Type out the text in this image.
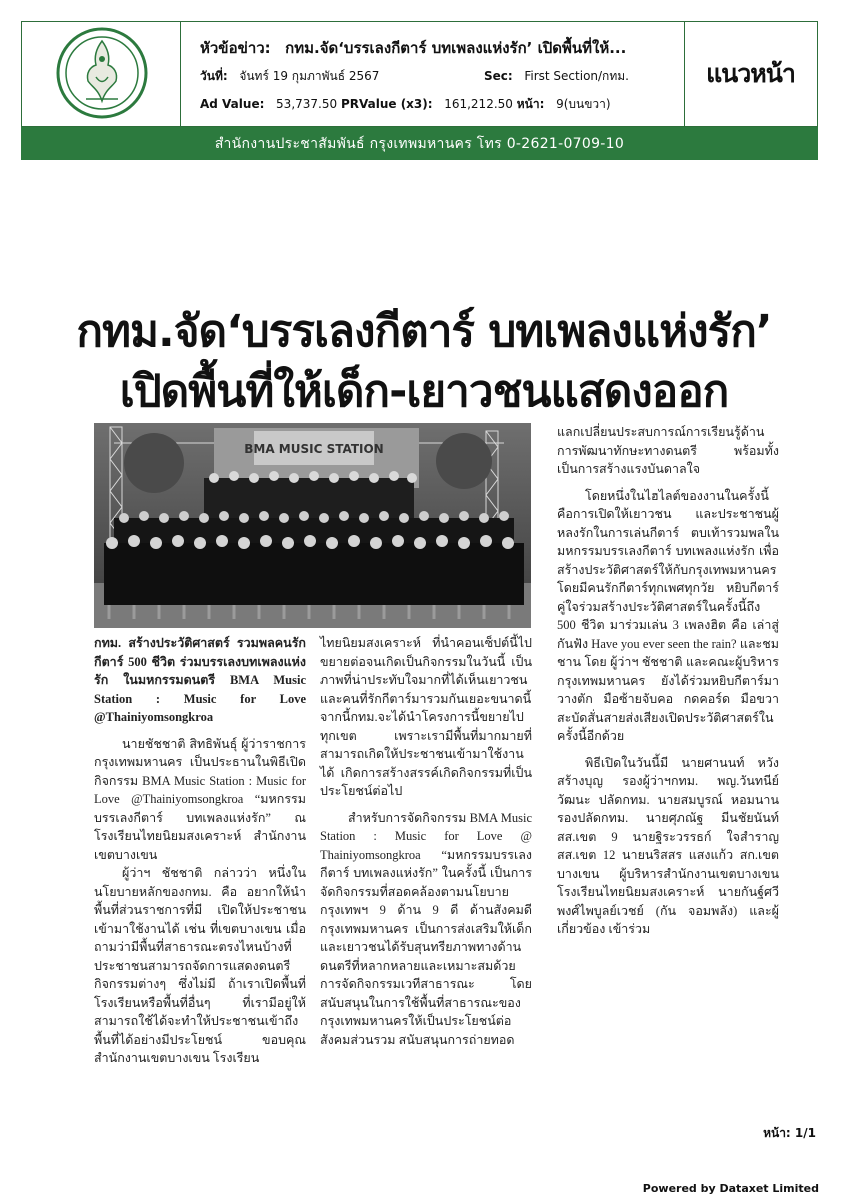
หัวข้อข่าว: กทม.จัด‘บรรเลงกีตาร์ บทเพลงแห่งรัก’ เปิดพื้นที่ให้...
วันที่: จันทร์ 19 กุมภาพันธ์ 2567	Sec: First Section/กทม.
Ad Value: 53,737.50 PRValue (x3): 161,212.50 หน้า: 9(บนขวา)
แนวหน้า
สำนักงานประชาสัมพันธ์ กรุงเทพมหานคร โทร 0-2621-0709-10
กทม.จัด‘บรรเลงกีตาร์ บทเพลงแห่งรัก’
เปิดพื้นที่ให้เด็ก-เยาวชนแสดงออก
BMA MUSIC STATION

กทม. สร้างประวัติศาสตร์ รวมพลคนรักกีตาร์ 500 ชีวิต ร่วมบรรเลงบทเพลงแห่งรัก ในมหกรรมดนตรี BMA Music Station : Music for Love @Thainiyomsongkroa

นายชัชชาติ สิทธิพันธุ์ ผู้ว่าราชการกรุงเทพมหานคร เป็นประธานในพิธีเปิดกิจกรรม BMA Music Station : Music for Love @Thainiyomsongkroa “มหกรรมบรรเลงกีตาร์ บทเพลงแห่งรัก” ณ โรงเรียนไทยนิยมสงเคราะห์ สำนักงานเขตบางเขน

ผู้ว่าฯ ชัชชาติ กล่าวว่า หนึ่งในนโยบายหลักของกทม. คือ อยากให้นำพื้นที่ส่วนราชการที่มี เปิดให้ประชาชนเข้ามาใช้งานได้ เช่น ที่เขตบางเขน เมื่อถามว่ามีพื้นที่สาธารณะตรงไหนบ้างที่ประชาชนสามารถจัดการแสดงดนตรี กิจกรรมต่างๆ ซึ่งไม่มี ถ้าเราเปิดพื้นที่โรงเรียนหรือพื้นที่อื่นๆ ที่เรามีอยู่ให้สามารถใช้ได้จะทำให้ประชาชนเข้าถึงพื้นที่ได้อย่างมีประโยชน์ ขอบคุณสำนักงานเขตบางเขน โรงเรียน

ไทยนิยมสงเคราะห์ ที่นำคอนเซ็ปต์นี้ไปขยายต่อจนเกิดเป็นกิจกรรมในวันนี้ เป็นภาพที่น่าประทับใจมากที่ได้เห็นเยาวชนและคนที่รักกีตาร์มารวมกันเยอะขนาดนี้ จากนี้กทม.จะได้นำโครงการนี้ขยายไปทุกเขต เพราะเรามีพื้นที่มากมายที่สามารถเกิดให้ประชาชนเข้ามาใช้งานได้ เกิดการสร้างสรรค์เกิดกิจกรรมที่เป็นประโยชน์ต่อไป

สำหรับการจัดกิจกรรม BMA Music Station : Music for Love @ Thainiyomsongkroa “มหกรรมบรรเลงกีตาร์ บทเพลงแห่งรัก” ในครั้งนี้ เป็นการจัดกิจกรรมที่สอดคล้องตามนโยบายกรุงเทพฯ 9 ด้าน 9 ดี ด้านสังคมดี กรุงเทพมหานคร เป็นการส่งเสริมให้เด็กและเยาวชนได้รับสุนทรียภาพทางด้านดนตรีที่หลากหลายและเหมาะสมด้วยการจัดกิจกรรมเวทีสาธารณะ โดยสนับสนุนในการใช้พื้นที่สาธารณะของกรุงเทพมหานครให้เป็นประโยชน์ต่อสังคมส่วนรวม สนับสนุนการถ่ายทอด

แลกเปลี่ยนประสบการณ์การเรียนรู้ด้านการพัฒนาทักษะทางดนตรี พร้อมทั้งเป็นการสร้างแรงบันดาลใจ

โดยหนึ่งในไฮไลต์ของงานในครั้งนี้ คือการเปิดให้เยาวชน และประชาชนผู้หลงรักในการเล่นกีตาร์ ตบเท้ารวมพลในมหกรรมบรรเลงกีตาร์ บทเพลงแห่งรัก เพื่อสร้างประวัติศาสตร์ให้กับกรุงเทพมหานคร โดยมีคนรักกีตาร์ทุกเพศทุกวัย หยิบกีตาร์คู่ใจร่วมสร้างประวัติศาสตร์ในครั้งนี้ถึง 500 ชีวิต มาร่วมเล่น 3 เพลงฮิต คือ เล่าสู่กันฟัง Have you ever seen the rain? และชมชาน โดย ผู้ว่าฯ ชัชชาติ และคณะผู้บริหารกรุงเทพมหานคร ยังได้ร่วมหยิบกีตาร์มาวางตัก มือซ้ายจับคอ กดคอร์ด มือขวาสะบัดสั่นสายส่งเสียงเปิดประวัติศาสตร์ในครั้งนี้อีกด้วย

พิธีเปิดในวันนี้มี นายศานนท์ หวังสร้างบุญ รองผู้ว่าฯกทม. พญ.วันทนีย์ วัฒนะ ปลัดกทม. นายสมบูรณ์ หอมนาน รองปลัดกทม. นายศุภณัฐ มีนชัยนันท์ สส.เขต 9 นายฐิระวรรธก์ ใจสำราญ สส.เขต 12 นายนริสสร แสงแก้ว สก.เขตบางเขน ผู้บริหารสำนักงานเขตบางเขน โรงเรียนไทยนิยมสงเคราะห์ นายกันฐ์ศวีพงศ์ไพบูลย์เวชย์ (กัน จอมพลัง) และผู้เกี่ยวข้อง เข้าร่วม

หน้า: 1/1
Powered by Dataxet Limited
